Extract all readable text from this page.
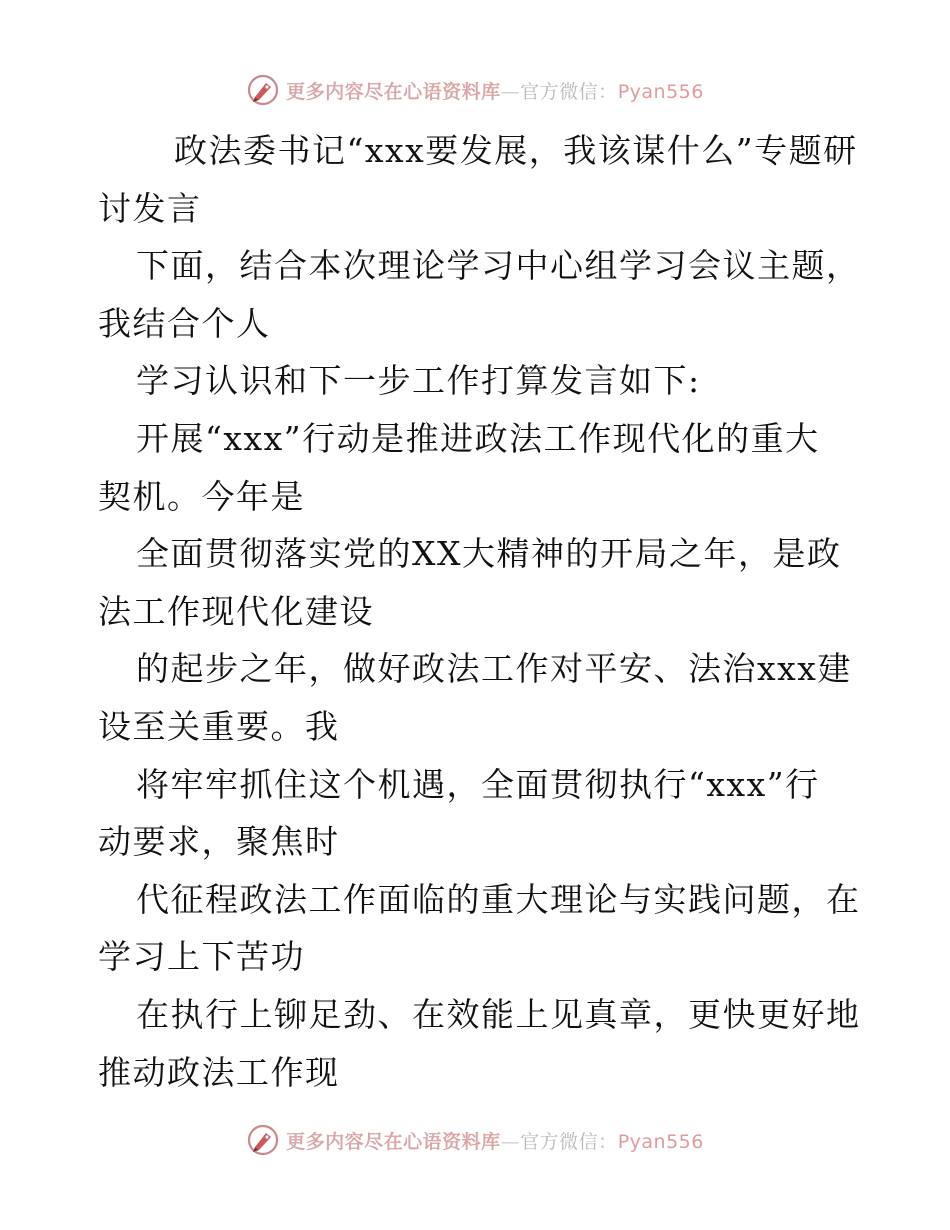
更多内容尽在心语资料库—官方微信：Pyan556
政法委书记“xxx要发展，我该谋什么”专题研
讨发言
下面，结合本次理论学习中心组学习会议主题，
我结合个人
学习认识和下一步工作打算发言如下:
开展“xxx”行动是推进政法工作现代化的重大
契机。今年是
全面贯彻落实党的XX大精神的开局之年，是政
法工作现代化建设
的起步之年，做好政法工作对平安、法治xxx建
设至关重要。我
将牢牢抓住这个机遇，全面贯彻执行“xxx”行
动要求，聚焦时
代征程政法工作面临的重大理论与实践问题，在
学习上下苦功
在执行上铆足劲、在效能上见真章，更快更好地
推动政法工作现
更多内容尽在心语资料库—官方微信：Pyan556
